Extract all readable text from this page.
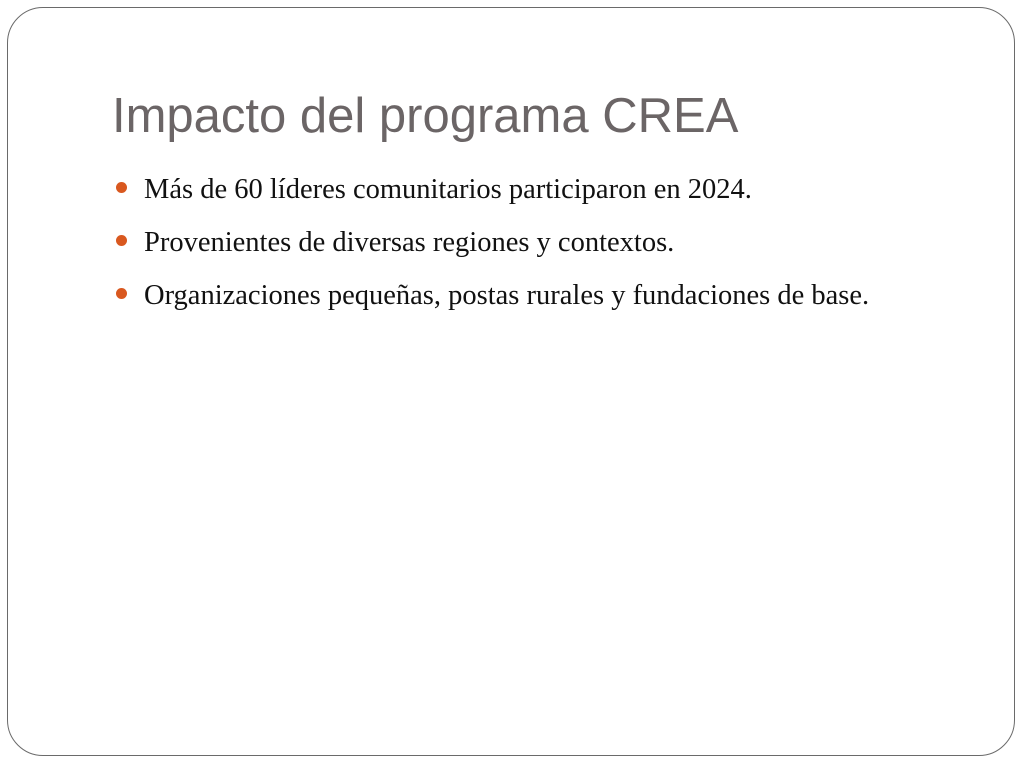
Impacto del programa CREA
Más de 60 líderes comunitarios participaron en 2024.
Provenientes de diversas regiones y contextos.
Organizaciones pequeñas, postas rurales y fundaciones de base.
